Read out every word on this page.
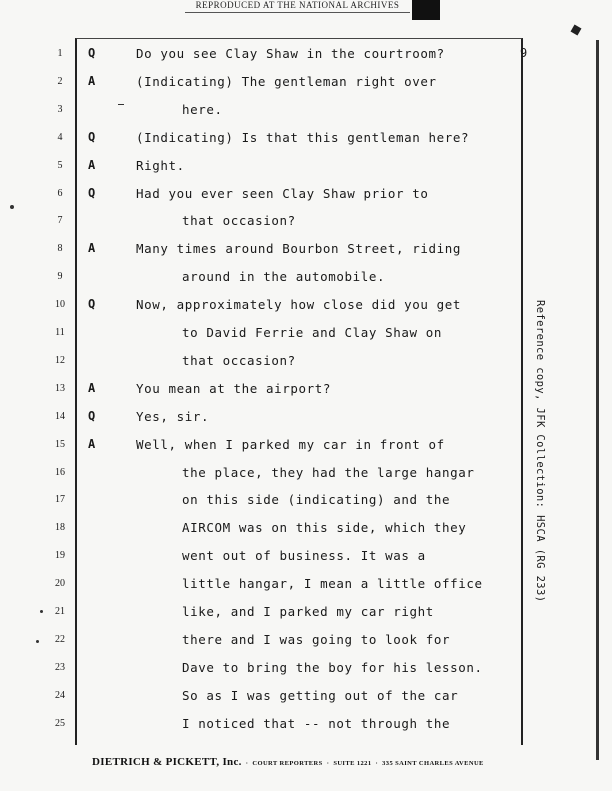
REPRODUCED AT THE NATIONAL ARCHIVES
9
1	Q	Do you see Clay Shaw in the courtroom?
2	A	(Indicating) The gentleman right over
3	here.
4	Q	(Indicating) Is that this gentleman here?
5	A	Right.
6	Q	Had you ever seen Clay Shaw prior to
7	that occasion?
8	A	Many times around Bourbon Street, riding
9	around in the automobile.
10	Q	Now, approximately how close did you get
11	to David Ferrie and Clay Shaw on
12	that occasion?
13	A	You mean at the airport?
14	Q	Yes, sir.
15	A	Well, when I parked my car in front of
16	the place, they had the large hangar
17	on this side (indicating) and the
18	AIRCOM was on this side, which they
19	went out of business. It was a
20	little hangar, I mean a little office
21	like, and I parked my car right
22	there and I was going to look for
23	Dave to bring the boy for his lesson.
24	So as I was getting out of the car
25	I noticed that -- not through the
Reference copy, JFK Collection: HSCA (RG 233)
DIETRICH & PICKETT, Inc.  ·  COURT REPORTERS  ·  SUITE 1221  ·  335 SAINT CHARLES AVENUE
